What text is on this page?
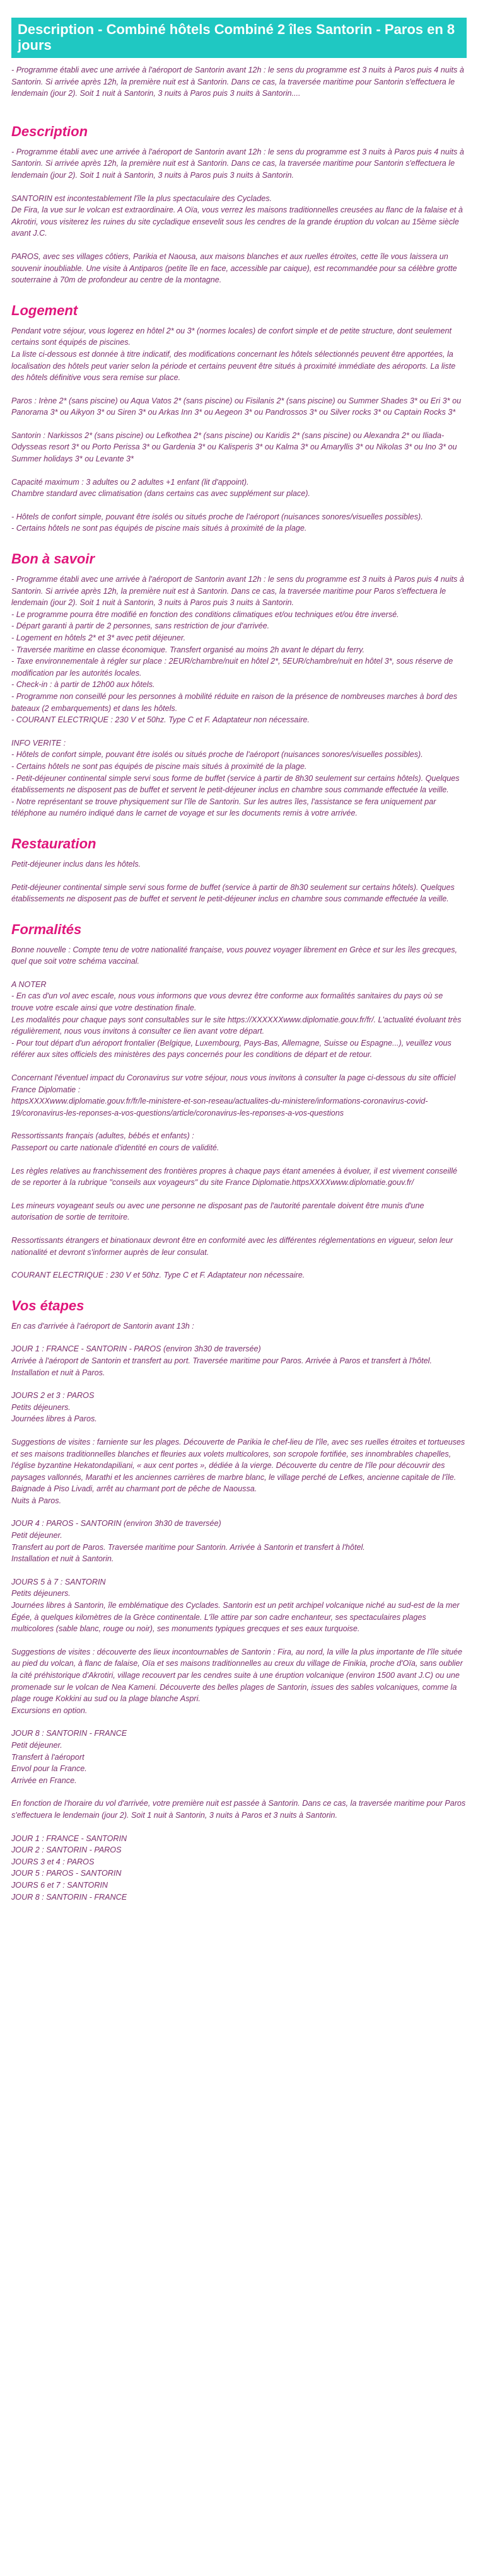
Description - Combiné hôtels Combiné 2 îles Santorin - Paros en 8 jours

- Programme établi avec une arrivée à l'aéroport de Santorin avant 12h : le sens du programme est 3 nuits à Paros puis 4 nuits à Santorin. Si arrivée après 12h, la première nuit est à Santorin. Dans ce cas, la traversée maritime pour Santorin s'effectuera le lendemain (jour 2). Soit 1 nuit à Santorin, 3 nuits à Paros puis 3 nuits à Santorin....

Description

- Programme établi avec une arrivée à l'aéroport de Santorin avant 12h : le sens du programme est 3 nuits à Paros puis 4 nuits à Santorin. Si arrivée après 12h, la première nuit est à Santorin. Dans ce cas, la traversée maritime pour Santorin s'effectuera le lendemain (jour 2). Soit 1 nuit à Santorin, 3 nuits à Paros puis 3 nuits à Santorin.

SANTORIN est incontestablement l'île la plus spectaculaire des Cyclades.
De Fira, la vue sur le volcan est extraordinaire. A Oïa, vous verrez les maisons traditionnelles creusées au flanc de la falaise et à Akrotiri, vous visiterez les ruines du site cycladique ensevelit sous les cendres de la grande éruption du volcan au 15ème siècle avant J.C.

PAROS, avec ses villages côtiers, Parikia et Naousa, aux maisons blanches et aux ruelles étroites, cette île vous laissera un souvenir inoubliable. Une visite à Antiparos (petite île en face, accessible par caique), est recommandée pour sa célèbre grotte souterraine à 70m de profondeur au centre de la montagne.

Logement

Pendant votre séjour, vous logerez en hôtel 2* ou 3* (normes locales) de confort simple et de petite structure, dont seulement certains sont équipés de piscines.
La liste ci-dessous est donnée à titre indicatif, des modifications concernant les hôtels sélectionnés peuvent être apportées, la localisation des hôtels peut varier selon la période et certains peuvent être situés à proximité immédiate des aéroports. La liste des hôtels définitive vous sera remise sur place.

Paros : Irène 2* (sans piscine) ou Aqua Vatos 2* (sans piscine) ou Fisilanis 2* (sans piscine) ou Summer Shades 3* ou Eri 3* ou Panorama 3* ou Aikyon 3* ou Siren 3* ou Arkas Inn 3* ou Aegeon 3* ou Pandrossos 3* ou Silver rocks 3* ou Captain Rocks 3*

Santorin : Narkissos 2* (sans piscine) ou Lefkothea 2* (sans piscine) ou Karidis 2* (sans piscine) ou Alexandra 2* ou Iliada-Odysseas resort 3* ou Porto Perissa 3* ou Gardenia 3* ou Kalisperis 3* ou Kalma 3* ou Amaryllis 3* ou Nikolas 3* ou Ino 3* ou Summer holidays 3* ou Levante 3*

Capacité maximum : 3 adultes ou 2 adultes +1 enfant (lit d'appoint).
Chambre standard avec climatisation (dans certains cas avec supplément sur place).

- Hôtels de confort simple, pouvant être isolés ou situés proche de l'aéroport (nuisances sonores/visuelles possibles).
- Certains hôtels ne sont pas équipés de piscine mais situés à proximité de la plage.

Bon à savoir

- Programme établi avec une arrivée à l'aéroport de Santorin avant 12h : le sens du programme est 3 nuits à Paros puis 4 nuits à Santorin. Si arrivée après 12h, la première nuit est à Santorin. Dans ce cas, la traversée maritime pour Paros s'effectuera le lendemain (jour 2). Soit 1 nuit à Santorin, 3 nuits à Paros puis 3 nuits à Santorin.
- Le programme pourra être modifié en fonction des conditions climatiques et/ou techniques et/ou être inversé.
- Départ garanti à partir de 2 personnes, sans restriction de jour d'arrivée.
- Logement en hôtels 2* et 3* avec petit déjeuner.
- Traversée maritime en classe économique. Transfert organisé au moins 2h avant le départ du ferry.
- Taxe environnementale à régler sur place : 2EUR/chambre/nuit en hôtel 2*, 5EUR/chambre/nuit en hôtel 3*, sous réserve de modification par les autorités locales.
- Check-in : à partir de 12h00 aux hôtels.
- Programme non conseillé pour les personnes à mobilité réduite en raison de la présence de nombreuses marches à bord des bateaux (2 embarquements) et dans les hôtels.
- COURANT ELECTRIQUE : 230 V et 50hz. Type C et F. Adaptateur non nécessaire.

INFO VERITE :
- Hôtels de confort simple, pouvant être isolés ou situés proche de l'aéroport (nuisances sonores/visuelles possibles).
- Certains hôtels ne sont pas équipés de piscine mais situés à proximité de la plage.
- Petit-déjeuner continental simple servi sous forme de buffet (service à partir de 8h30 seulement sur certains hôtels). Quelques établissements ne disposent pas de buffet et servent le petit-déjeuner inclus en chambre sous commande effectuée la veille.
- Notre représentant se trouve physiquement sur l'île de Santorin. Sur les autres îles, l'assistance se fera uniquement par téléphone au numéro indiqué dans le carnet de voyage et sur les documents remis à votre arrivée.

Restauration

Petit-déjeuner inclus dans les hôtels.

Petit-déjeuner continental simple servi sous forme de buffet (service à partir de 8h30 seulement sur certains hôtels). Quelques établissements ne disposent pas de buffet et servent le petit-déjeuner inclus en chambre sous commande effectuée la veille.

Formalités

Bonne nouvelle : Compte tenu de votre nationalité française, vous pouvez voyager librement en Grèce et sur les îles grecques, quel que soit votre schéma vaccinal.

A NOTER
- En cas d'un vol avec escale, nous vous informons que vous devrez être conforme aux formalités sanitaires du pays où se trouve votre escale ainsi que votre destination finale.
Les modalités pour chaque pays sont consultables sur le site https://XXXXXXwww.diplomatie.gouv.fr/fr/. L'actualité évoluant très régulièrement, nous vous invitons à consulter ce lien avant votre départ.
- Pour tout départ d'un aéroport frontalier (Belgique, Luxembourg, Pays-Bas, Allemagne, Suisse ou Espagne...), veuillez vous référer aux sites officiels des ministères des pays concernés pour les conditions de départ et de retour.

Concernant l'éventuel impact du Coronavirus sur votre séjour, nous vous invitons à consulter la page ci-dessous du site officiel France Diplomatie :
httpsXXXXwww.diplomatie.gouv.fr/fr/le-ministere-et-son-reseau/actualites-du-ministere/informations-coronavirus-covid-19/coronavirus-les-reponses-a-vos-questions/article/coronavirus-les-reponses-a-vos-questions

Ressortissants français (adultes, bébés et enfants) :
Passeport ou carte nationale d'identité en cours de validité.

Les règles relatives au franchissement des frontières propres à chaque pays étant amenées à évoluer, il est vivement conseillé de se reporter à la rubrique "conseils aux voyageurs" du site France Diplomatie.httpsXXXXwww.diplomatie.gouv.fr/

Les mineurs voyageant seuls ou avec une personne ne disposant pas de l'autorité parentale doivent être munis d'une autorisation de sortie de territoire.

Ressortissants étrangers et binationaux devront être en conformité avec les différentes réglementations en vigueur, selon leur nationalité et devront s'informer auprès de leur consulat.

COURANT ELECTRIQUE : 230 V et 50hz. Type C et F. Adaptateur non nécessaire.

Vos étapes

En cas d'arrivée à l'aéroport de Santorin avant 13h :

JOUR 1 : FRANCE - SANTORIN - PAROS (environ 3h30 de traversée)
Arrivée à l'aéroport de Santorin et transfert au port. Traversée maritime pour Paros. Arrivée à Paros et transfert à l'hôtel.
Installation et nuit à Paros.

JOURS 2 et 3 : PAROS
Petits déjeuners.
Journées libres à Paros.

Suggestions de visites : farniente sur les plages. Découverte de Parikia le chef-lieu de l'île, avec ses ruelles étroites et tortueuses et ses maisons traditionnelles blanches et fleuries aux volets multicolores, son scropole fortifiée, ses innombrables chapelles, l'église byzantine Hekatondapiliani, « aux cent portes », dédiée à la vierge. Découverte du centre de l'île pour découvrir des paysages vallonnés, Marathi et les anciennes carrières de marbre blanc, le village perché de Lefkes, ancienne capitale de l'île. Baignade à Piso Livadi, arrêt au charmant port de pêche de Naoussa.
Nuits à Paros.

JOUR 4 : PAROS - SANTORIN (environ 3h30 de traversée)
Petit déjeuner.
Transfert au port de Paros. Traversée maritime pour Santorin. Arrivée à Santorin et transfert à l'hôtel.
Installation et nuit à Santorin.

JOURS 5 à 7 : SANTORIN
Petits déjeuners.
Journées libres à Santorin, île emblématique des Cyclades. Santorin est un petit archipel volcanique niché au sud-est de la mer Égée, à quelques kilomètres de la Grèce continentale. L'île attire par son cadre enchanteur, ses spectaculaires plages multicolores (sable blanc, rouge ou noir), ses monuments typiques grecques et ses eaux turquoise.

Suggestions de visites : découverte des lieux incontournables de Santorin : Fira, au nord, la ville la plus importante de l'île située au pied du volcan, à flanc de falaise, Oïa et ses maisons traditionnelles au creux du village de Finikia, proche d'Oïa, sans oublier la cité préhistorique d'Akrotiri, village recouvert par les cendres suite à une éruption volcanique (environ 1500 avant J.C) ou une promenade sur le volcan de Nea Kameni. Découverte des belles plages de Santorin, issues des sables volcaniques, comme la plage rouge Kokkini au sud ou la plage blanche Aspri.
Excursions en option.

JOUR 8 : SANTORIN - FRANCE
Petit déjeuner.
Transfert à l'aéroport
Envol pour la France.
Arrivée en France.

En fonction de l'horaire du vol d'arrivée, votre première nuit est passée à Santorin. Dans ce cas, la traversée maritime pour Paros s'effectuera le lendemain (jour 2). Soit 1 nuit à Santorin, 3 nuits à Paros et 3 nuits à Santorin.

JOUR 1 : FRANCE - SANTORIN
JOUR 2 : SANTORIN - PAROS
JOURS 3 et 4 : PAROS
JOUR 5 : PAROS - SANTORIN
JOURS 6 et 7 : SANTORIN
JOUR 8 : SANTORIN - FRANCE
